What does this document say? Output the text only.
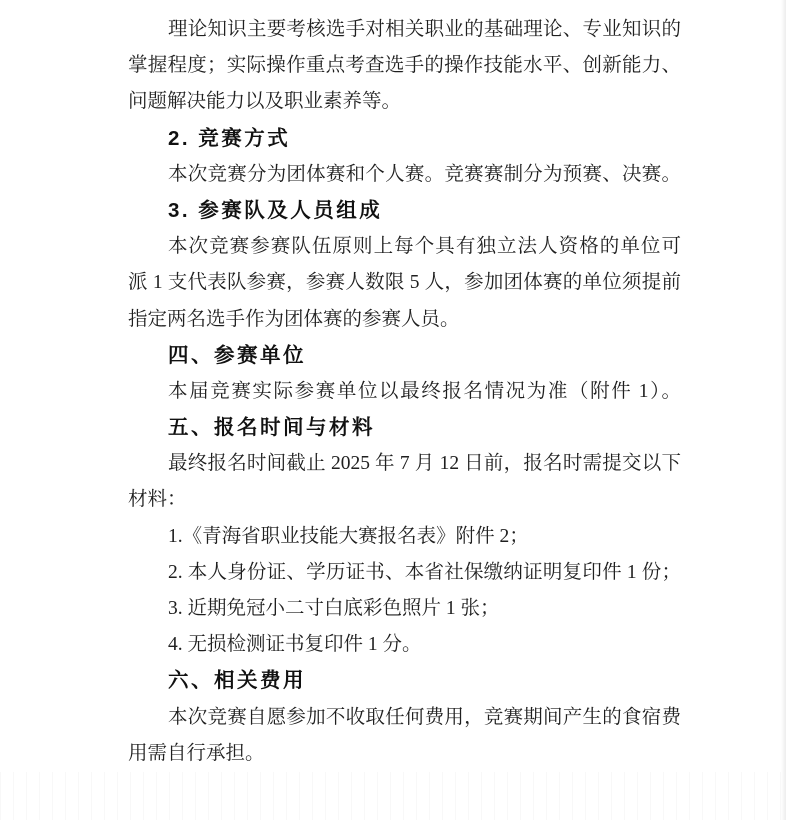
理论知识主要考核选手对相关职业的基础理论、专业知识的
掌握程度；实际操作重点考查选手的操作技能水平、创新能力、
问题解决能力以及职业素养等。
2. 竞赛方式
本次竞赛分为团体赛和个人赛。竞赛赛制分为预赛、决赛。
3. 参赛队及人员组成
本次竞赛参赛队伍原则上每个具有独立法人资格的单位可
派 1 支代表队参赛，参赛人数限 5 人，参加团体赛的单位须提前
指定两名选手作为团体赛的参赛人员。
四、参赛单位
本届竞赛实际参赛单位以最终报名情况为准（附件 1）。
五、报名时间与材料
最终报名时间截止 2025 年 7 月 12 日前，报名时需提交以下
材料：
1.《青海省职业技能大赛报名表》附件 2；
2. 本人身份证、学历证书、本省社保缴纳证明复印件 1 份；
3. 近期免冠小二寸白底彩色照片 1 张；
4. 无损检测证书复印件 1 分。
六、相关费用
本次竞赛自愿参加不收取任何费用，竞赛期间产生的食宿费
用需自行承担。
